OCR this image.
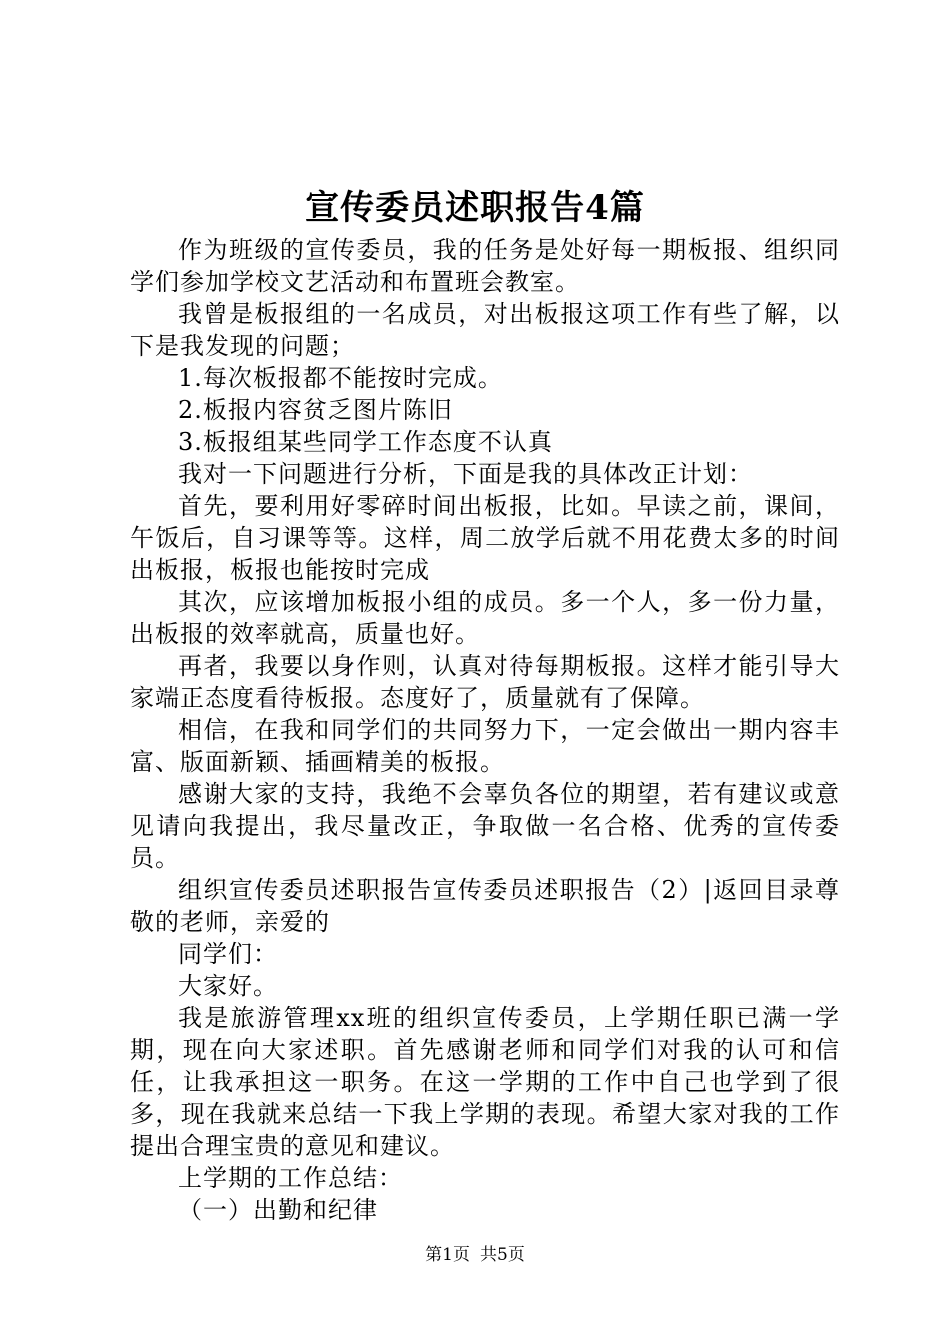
宣传委员述职报告4篇

作为班级的宣传委员，我的任务是处好每一期板报、组织同学们参加学校文艺活动和布置班会教室。

我曾是板报组的一名成员，对出板报这项工作有些了解，以下是我发现的问题；

1.每次板报都不能按时完成。

2.板报内容贫乏图片陈旧

3.板报组某些同学工作态度不认真

我对一下问题进行分析，下面是我的具体改正计划：

首先，要利用好零碎时间出板报，比如。早读之前，课间，午饭后，自习课等等。这样，周二放学后就不用花费太多的时间出板报，板报也能按时完成

其次，应该增加板报小组的成员。多一个人，多一份力量，出板报的效率就高，质量也好。

再者，我要以身作则，认真对待每期板报。这样才能引导大家端正态度看待板报。态度好了，质量就有了保障。

相信，在我和同学们的共同努力下，一定会做出一期内容丰富、版面新颖、插画精美的板报。

感谢大家的支持，我绝不会辜负各位的期望，若有建议或意见请向我提出，我尽量改正，争取做一名合格、优秀的宣传委员。

组织宣传委员述职报告宣传委员述职报告（2）|返回目录尊敬的老师，亲爱的

同学们：

大家好。

我是旅游管理xx班的组织宣传委员，上学期任职已满一学期，现在向大家述职。首先感谢老师和同学们对我的认可和信任，让我承担这一职务。在这一学期的工作中自己也学到了很多，现在我就来总结一下我上学期的表现。希望大家对我的工作提出合理宝贵的意见和建议。

上学期的工作总结：

（一）出勤和纪律

第1页 共5页
